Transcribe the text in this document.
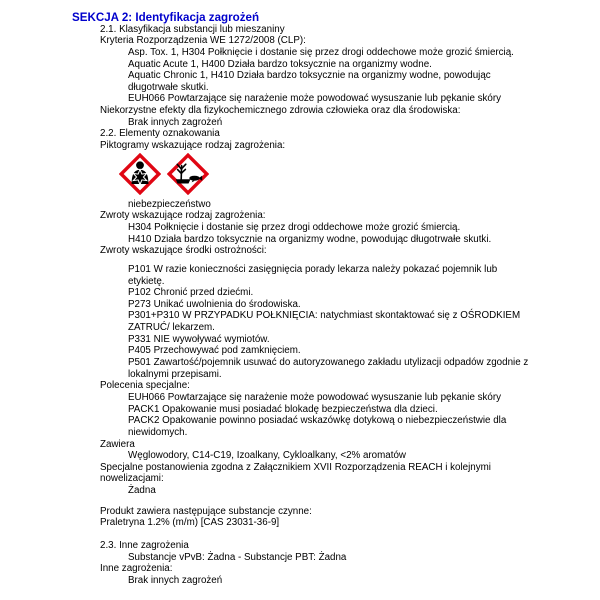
SEKCJA 2: Identyfikacja zagrożeń
2.1. Klasyfikacja substancji lub mieszaniny
Kryteria Rozporządzenia WE 1272/2008 (CLP):
Asp. Tox. 1, H304 Połknięcie i dostanie się przez drogi oddechowe może grozić śmiercią.
Aquatic Acute 1, H400 Działa bardzo toksycznie na organizmy wodne.
Aquatic Chronic 1, H410 Działa bardzo toksycznie na organizmy wodne, powodując
długotrwałe skutki.
EUH066 Powtarzające się narażenie może powodować wysuszanie lub pękanie skóry
Niekorzystne efekty dla fizykochemicznego zdrowia człowieka oraz dla środowiska:
Brak innych zagrożeń
2.2. Elementy oznakowania
Piktogramy wskazujące rodzaj zagrożenia:
niebezpieczeństwo
Zwroty wskazujące rodzaj zagrożenia:
H304 Połknięcie i dostanie się przez drogi oddechowe może grozić śmiercią.
H410 Działa bardzo toksycznie na organizmy wodne, powodując długotrwałe skutki.
Zwroty wskazujące środki ostrożności:
P101 W razie konieczności zasięgnięcia porady lekarza należy pokazać pojemnik lub
etykietę.
P102 Chronić przed dziećmi.
P273 Unikać uwolnienia do środowiska.
P301+P310 W PRZYPADKU POŁKNIĘCIA: natychmiast skontaktować się z OŚRODKIEM
ZATRUĆ/ lekarzem.
P331 NIE wywoływać wymiotów.
P405 Przechowywać pod zamknięciem.
P501 Zawartość/pojemnik usuwać do autoryzowanego zakładu utylizacji odpadów zgodnie z
lokalnymi przepisami.
Polecenia specjalne:
EUH066 Powtarzające się narażenie może powodować wysuszanie lub pękanie skóry
PACK1 Opakowanie musi posiadać blokadę bezpieczeństwa dla dzieci.
PACK2 Opakowanie powinno posiadać wskazówkę dotykową o niebezpieczeństwie dla
niewidomych.
Zawiera
Węglowodory, C14-C19, Izoalkany, Cykloalkany, <2% aromatów
Specjalne postanowienia zgodna z Załącznikiem XVII Rozporządzenia REACH i kolejnymi
nowelizacjami:
Żadna
Produkt zawiera następujące substancje czynne:
Praletryna 1.2% (m/m) [CAS 23031-36-9]
2.3. Inne zagrożenia
Substancje vPvB: Żadna - Substancje PBT: Żadna
Inne zagrożenia:
Brak innych zagrożeń
